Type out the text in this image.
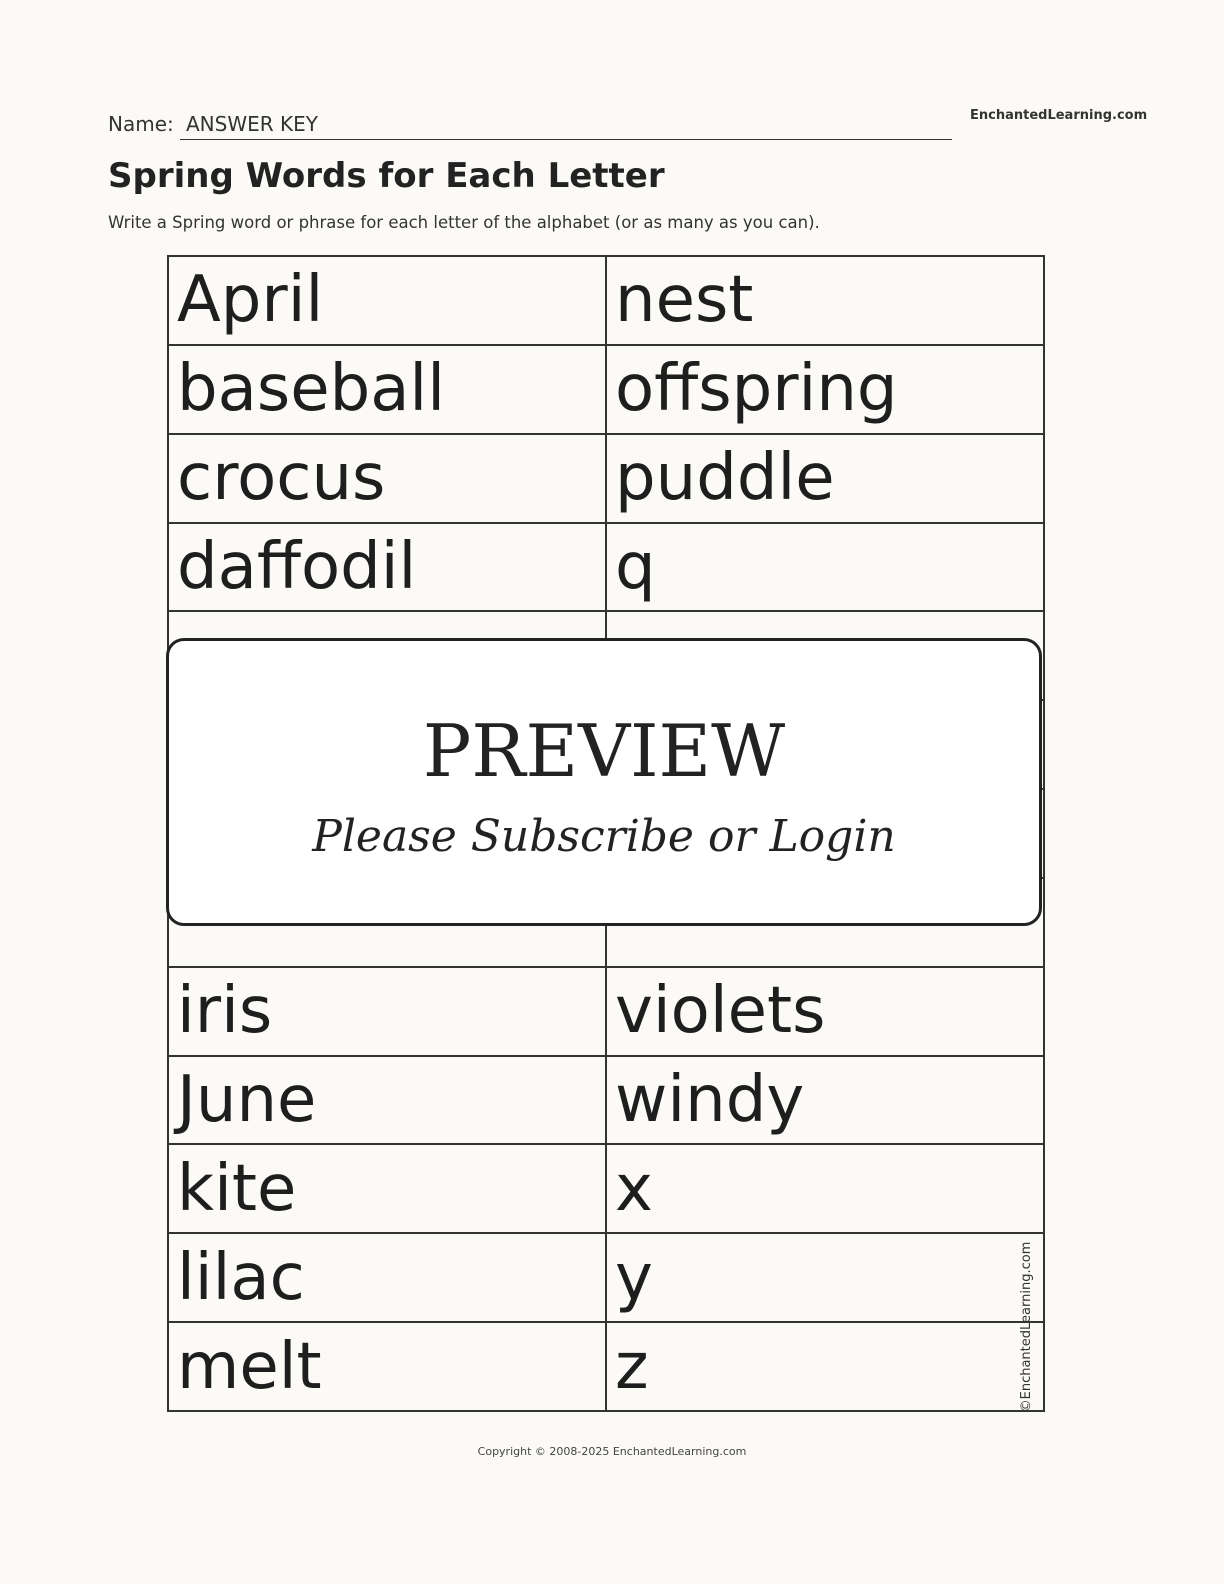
Name: ANSWER KEY	EnchantedLearning.com
Spring Words for Each Letter
Write a Spring word or phrase for each letter of the alphabet (or as many as you can).
April	nest
baseball	offspring
crocus	puddle
daffodil	q

iris	violets
June	windy
kite	x
lilac	y
melt	z
PREVIEW
Please Subscribe or Login
©EnchantedLearning.com
Copyright © 2008-2025 EnchantedLearning.com
